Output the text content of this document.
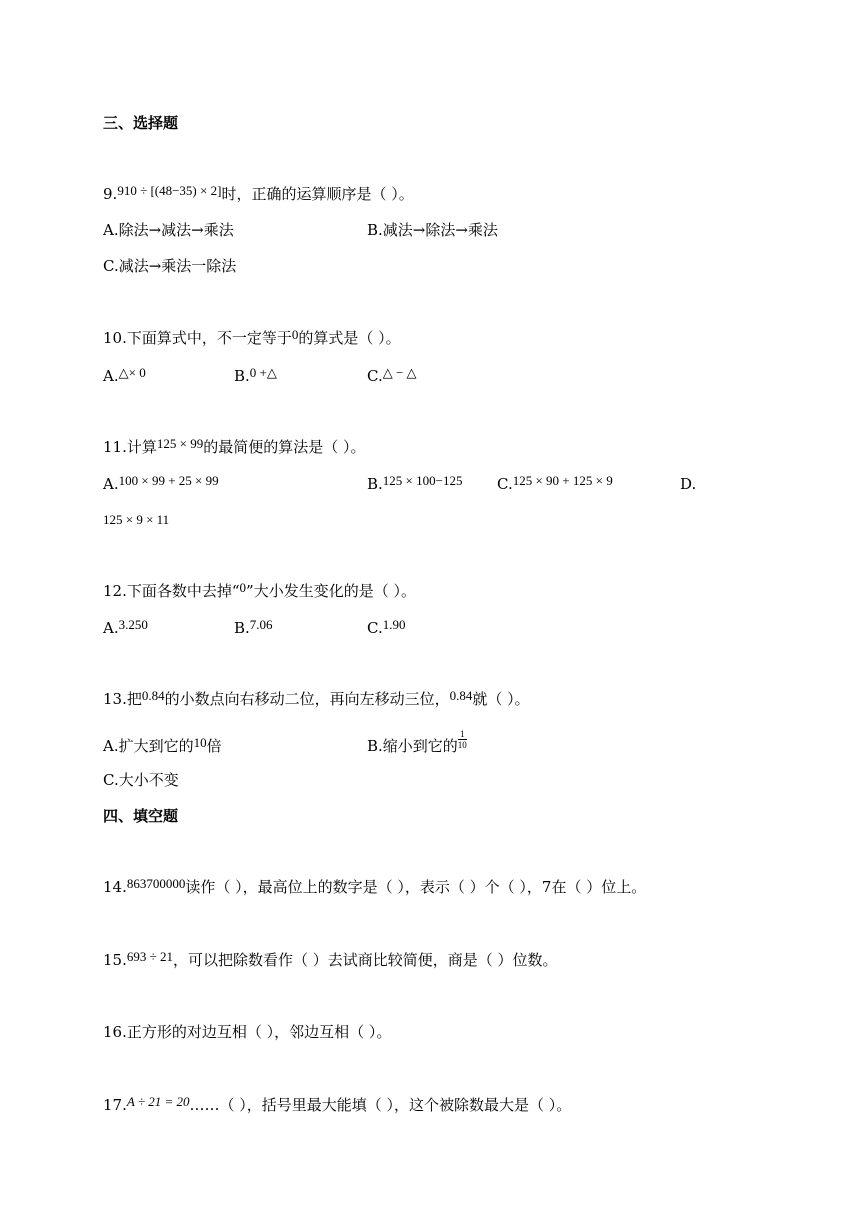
三、选择题
9.910 ÷ [(48−35) × 2]时，正确的运算顺序是（ ）。
A.除法→减法→乘法	B.减法→除法→乘法
C.减法→乘法一除法
10.下面算式中，不一定等于0的算式是（ ）。
A.△× 0	B.0 +△	C.△ − △
11.计算125 × 99的最简便的算法是（ ）。
A.100 × 99 + 25 × 99	B.125 × 100−125 C.125 × 90 + 125 × 9	D.
125 × 9 × 11
12.下面各数中去掉“0”大小发生变化的是（ ）。
A.3.250	B.7.06	C.1.90
13.把0.84的小数点向右移动二位，再向左移动三位，0.84就（ ）。
A.扩大到它的10倍	B.缩小到它的 $\frac{1}{10}$
C.大小不变
四、填空题
14.863700000读作（ ），最高位上的数字是（ ），表示（ ）个（ ），7在（ ）位上。
15.693 ÷ 21，可以把除数看作（ ）去试商比较简便，商是（ ）位数。
16.正方形的对边互相（ ），邻边互相（ ）。
17.A ÷ 21 = 20……（ ），括号里最大能填（ ），这个被除数最大是（ ）。
